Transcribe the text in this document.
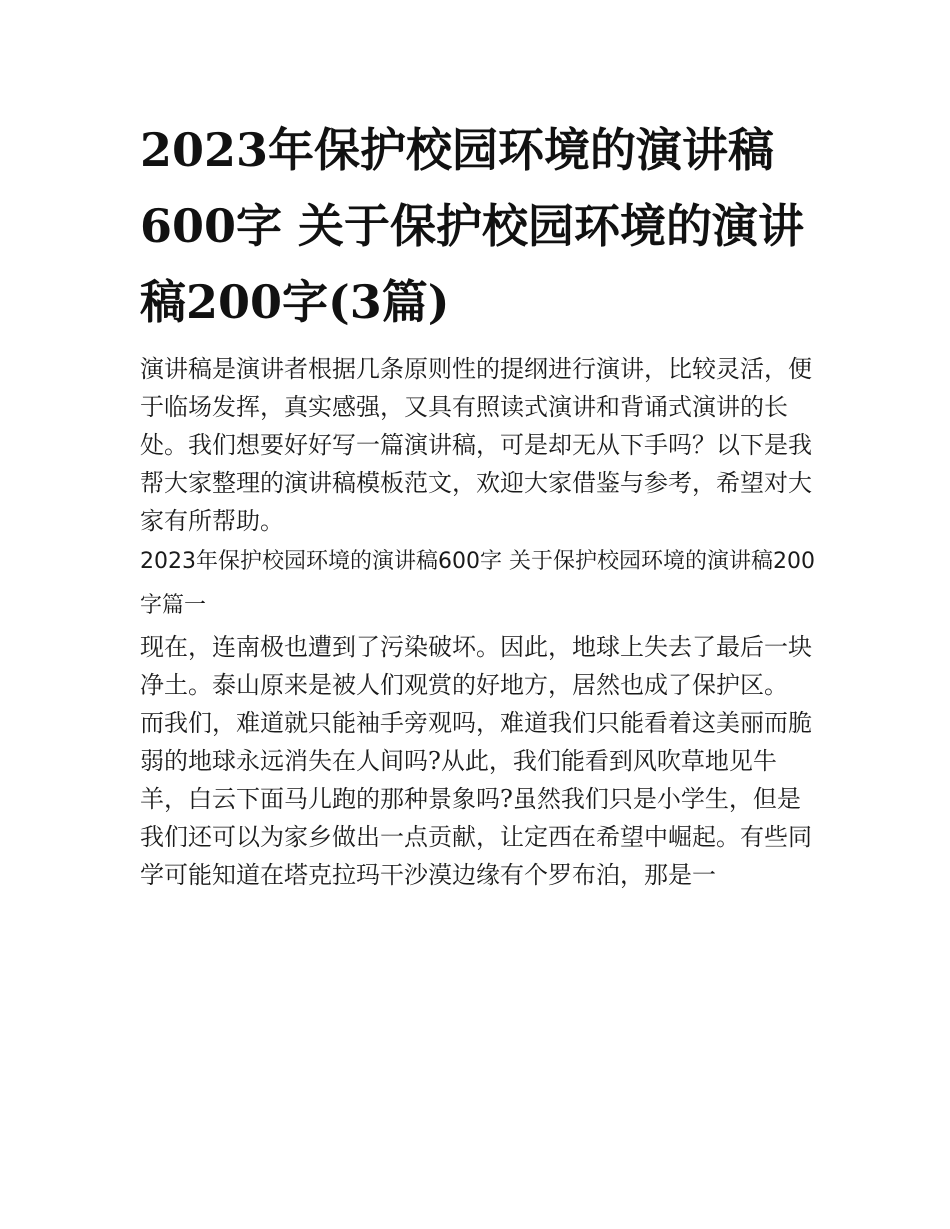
2023年保护校园环境的演讲稿600字 关于保护校园环境的演讲稿200字(3篇)

演讲稿是演讲者根据几条原则性的提纲进行演讲，比较灵活，便于临场发挥，真实感强，又具有照读式演讲和背诵式演讲的长处。我们想要好好写一篇演讲稿，可是却无从下手吗？以下是我帮大家整理的演讲稿模板范文，欢迎大家借鉴与参考，希望对大家有所帮助。

2023年保护校园环境的演讲稿600字 关于保护校园环境的演讲稿200字篇一

现在，连南极也遭到了污染破坏。因此，地球上失去了最后一块净土。泰山原来是被人们观赏的好地方，居然也成了保护区。

而我们，难道就只能袖手旁观吗，难道我们只能看着这美丽而脆弱的地球永远消失在人间吗?从此，我们能看到风吹草地见牛羊，白云下面马儿跑的那种景象吗?虽然我们只是小学生，但是我们还可以为家乡做出一点贡献，让定西在希望中崛起。有些同学可能知道在塔克拉玛干沙漠边缘有个罗布泊，那是一
